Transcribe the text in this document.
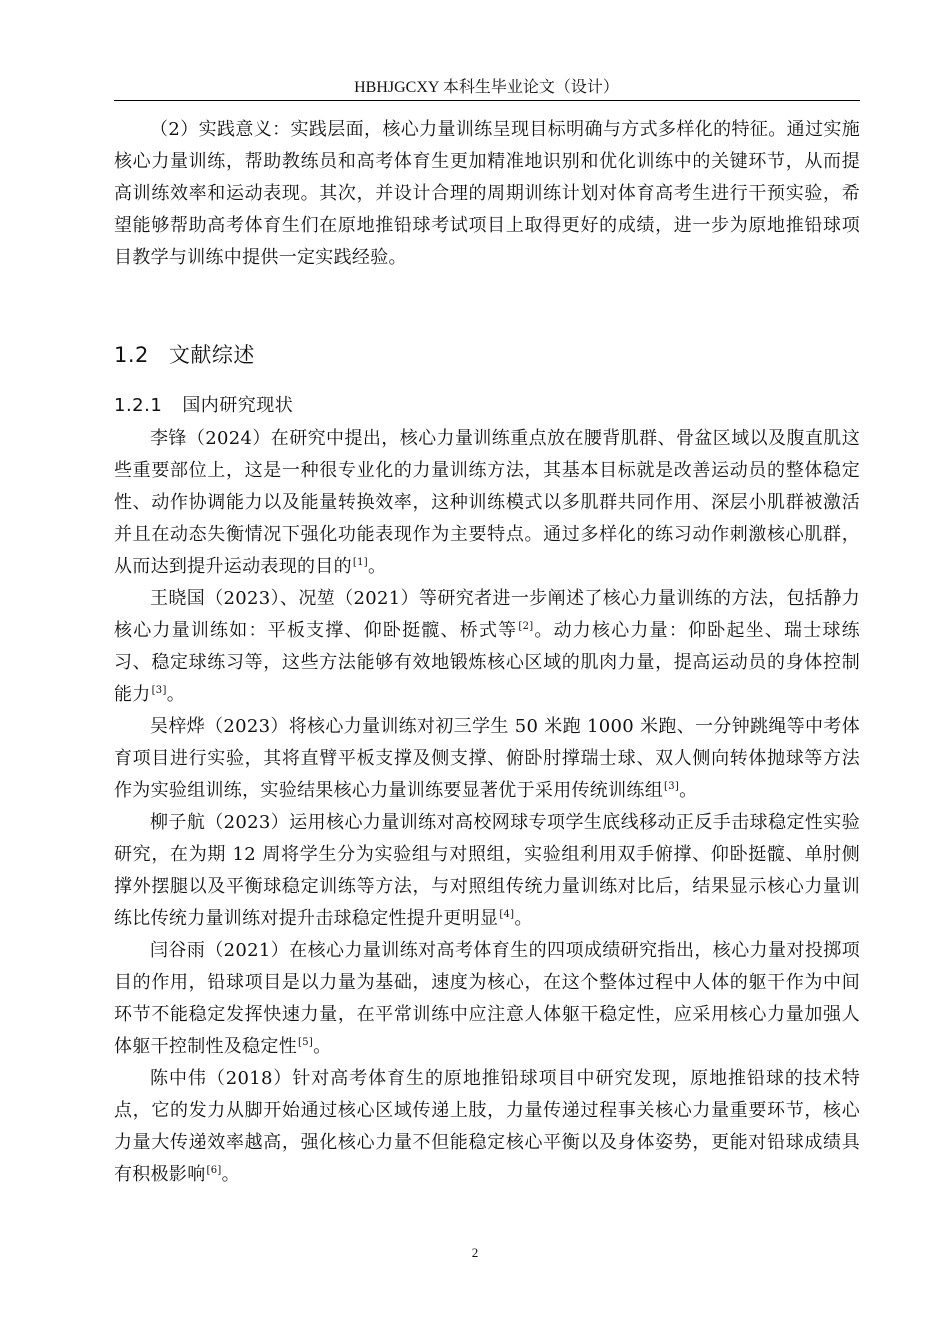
HBHJGCXY 本科生毕业论文（设计）

（2）实践意义：实践层面，核心力量训练呈现目标明确与方式多样化的特征。通过实施核心力量训练，帮助教练员和高考体育生更加精准地识别和优化训练中的关键环节，从而提高训练效率和运动表现。其次，并设计合理的周期训练计划对体育高考生进行干预实验，希望能够帮助高考体育生们在原地推铅球考试项目上取得更好的成绩，进一步为原地推铅球项目教学与训练中提供一定实践经验。

1.2 文献综述
1.2.1 国内研究现状

李锋（2024）在研究中提出，核心力量训练重点放在腰背肌群、骨盆区域以及腹直肌这些重要部位上，这是一种很专业化的力量训练方法，其基本目标就是改善运动员的整体稳定性、动作协调能力以及能量转换效率，这种训练模式以多肌群共同作用、深层小肌群被激活并且在动态失衡情况下强化功能表现作为主要特点。通过多样化的练习动作刺激核心肌群，从而达到提升运动表现的目的[1]。

王晓国（2023）、况堃（2021）等研究者进一步阐述了核心力量训练的方法，包括静力核心力量训练如：平板支撑、仰卧挺髋、桥式等[2]。动力核心力量：仰卧起坐、瑞士球练习、稳定球练习等，这些方法能够有效地锻炼核心区域的肌肉力量，提高运动员的身体控制能力[3]。

吴梓烨（2023）将核心力量训练对初三学生 50 米跑 1000 米跑、一分钟跳绳等中考体育项目进行实验，其将直臂平板支撑及侧支撑、俯卧肘撑瑞士球、双人侧向转体抛球等方法作为实验组训练，实验结果核心力量训练要显著优于采用传统训练组[3]。

柳子航（2023）运用核心力量训练对高校网球专项学生底线移动正反手击球稳定性实验研究，在为期 12 周将学生分为实验组与对照组，实验组利用双手俯撑、仰卧挺髋、单肘侧撑外摆腿以及平衡球稳定训练等方法，与对照组传统力量训练对比后，结果显示核心力量训练比传统力量训练对提升击球稳定性提升更明显[4]。

闫谷雨（2021）在核心力量训练对高考体育生的四项成绩研究指出，核心力量对投掷项目的作用，铅球项目是以力量为基础，速度为核心，在这个整体过程中人体的躯干作为中间环节不能稳定发挥快速力量，在平常训练中应注意人体躯干稳定性，应采用核心力量加强人体躯干控制性及稳定性[5]。

陈中伟（2018）针对高考体育生的原地推铅球项目中研究发现，原地推铅球的技术特点，它的发力从脚开始通过核心区域传递上肢，力量传递过程事关核心力量重要环节，核心力量大传递效率越高，强化核心力量不但能稳定核心平衡以及身体姿势，更能对铅球成绩具有积极影响[6]。

2
